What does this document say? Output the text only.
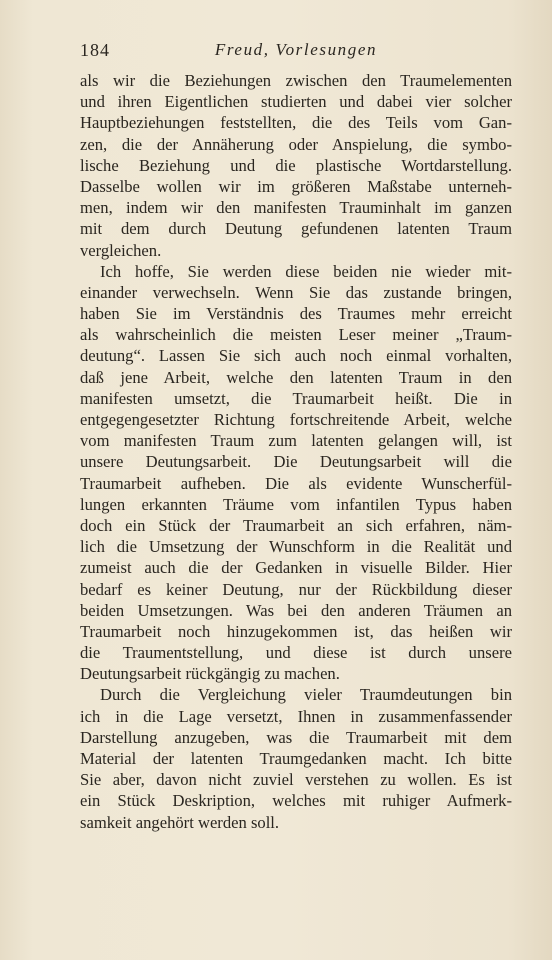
184	Freud, Vorlesungen
als wir die Beziehungen zwischen den Traumelementen
und ihren Eigentlichen studierten und dabei vier solcher
Hauptbeziehungen feststellten, die des Teils vom Gan-
zen, die der Annäherung oder Anspielung, die symbo-
lische Beziehung und die plastische Wortdarstellung.
Dasselbe wollen wir im größeren Maßstabe unterneh-
men, indem wir den manifesten Trauminhalt im ganzen
mit dem durch Deutung gefundenen latenten Traum
vergleichen.
Ich hoffe, Sie werden diese beiden nie wieder mit-
einander verwechseln. Wenn Sie das zustande bringen,
haben Sie im Verständnis des Traumes mehr erreicht
als wahrscheinlich die meisten Leser meiner „Traum-
deutung“. Lassen Sie sich auch noch einmal vorhalten,
daß jene Arbeit, welche den latenten Traum in den
manifesten umsetzt, die Traumarbeit heißt. Die in
entgegengesetzter Richtung fortschreitende Arbeit, welche
vom manifesten Traum zum latenten gelangen will, ist
unsere Deutungsarbeit. Die Deutungsarbeit will die
Traumarbeit aufheben. Die als evidente Wunscherfül-
lungen erkannten Träume vom infantilen Typus haben
doch ein Stück der Traumarbeit an sich erfahren, näm-
lich die Umsetzung der Wunschform in die Realität und
zumeist auch die der Gedanken in visuelle Bilder. Hier
bedarf es keiner Deutung, nur der Rückbildung dieser
beiden Umsetzungen. Was bei den anderen Träumen an
Traumarbeit noch hinzugekommen ist, das heißen wir
die Traumentstellung, und diese ist durch unsere
Deutungsarbeit rückgängig zu machen.
Durch die Vergleichung vieler Traumdeutungen bin
ich in die Lage versetzt, Ihnen in zusammenfassender
Darstellung anzugeben, was die Traumarbeit mit dem
Material der latenten Traumgedanken macht. Ich bitte
Sie aber, davon nicht zuviel verstehen zu wollen. Es ist
ein Stück Deskription, welches mit ruhiger Aufmerk-
samkeit angehört werden soll.
